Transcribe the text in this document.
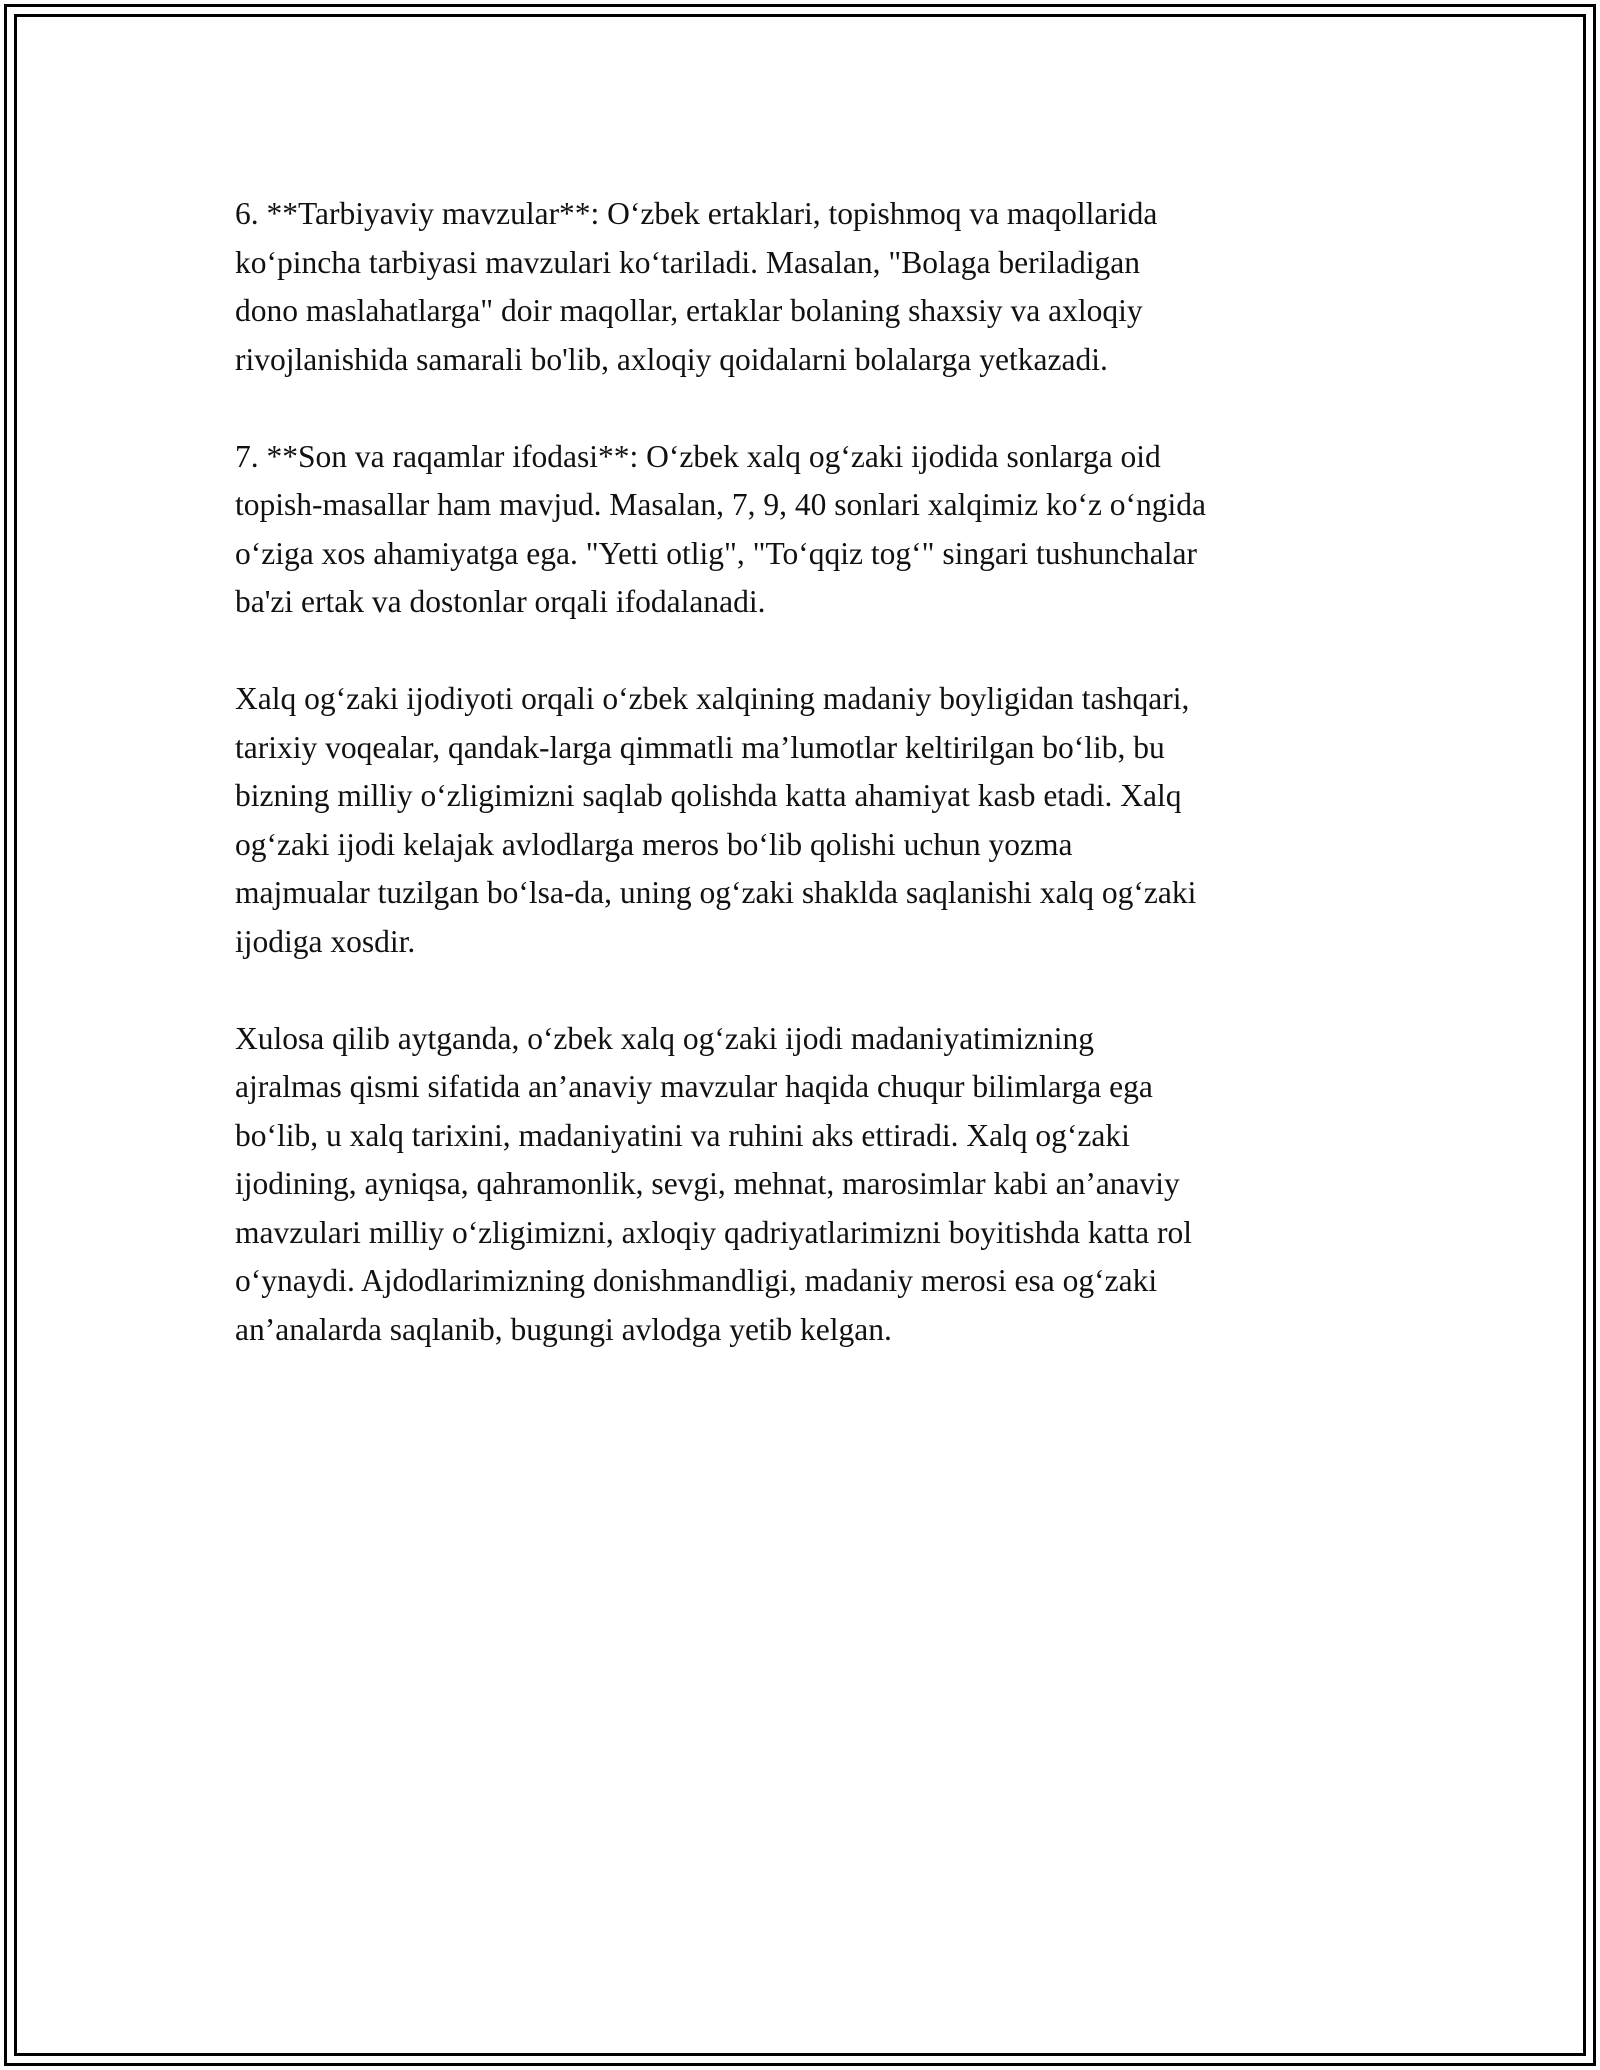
6. **Tarbiyaviy mavzular**: O‘zbek ertaklari, topishmoq va maqollarida
ko‘pincha tarbiyasi mavzulari ko‘tariladi. Masalan, "Bolaga beriladigan
dono maslahatlarga" doir maqollar, ertaklar bolaning shaxsiy va axloqiy
rivojlanishida samarali bo'lib, axloqiy qoidalarni bolalarga yetkazadi.

7. **Son va raqamlar ifodasi**: O‘zbek xalq og‘zaki ijodida sonlarga oid
topish-masallar ham mavjud. Masalan, 7, 9, 40 sonlari xalqimiz ko‘z o‘ngida
o‘ziga xos ahamiyatga ega. "Yetti otlig", "To‘qqiz tog‘" singari tushunchalar
ba'zi ertak va dostonlar orqali ifodalanadi.

Xalq og‘zaki ijodiyoti orqali o‘zbek xalqining madaniy boyligidan tashqari,
tarixiy voqealar, qandak-larga qimmatli ma’lumotlar keltirilgan bo‘lib, bu
bizning milliy o‘zligimizni saqlab qolishda katta ahamiyat kasb etadi. Xalq
og‘zaki ijodi kelajak avlodlarga meros bo‘lib qolishi uchun yozma
majmualar tuzilgan bo‘lsa-da, uning og‘zaki shaklda saqlanishi xalq og‘zaki
ijodiga xosdir.

Xulosa qilib aytganda, o‘zbek xalq og‘zaki ijodi madaniyatimizning
ajralmas qismi sifatida an’anaviy mavzular haqida chuqur bilimlarga ega
bo‘lib, u xalq tarixini, madaniyatini va ruhini aks ettiradi. Xalq og‘zaki
ijodining, ayniqsa, qahramonlik, sevgi, mehnat, marosimlar kabi an’anaviy
mavzulari milliy o‘zligimizni, axloqiy qadriyatlarimizni boyitishda katta rol
o‘ynaydi. Ajdodlarimizning donishmandligi, madaniy merosi esa og‘zaki
an’analarda saqlanib, bugungi avlodga yetib kelgan.
